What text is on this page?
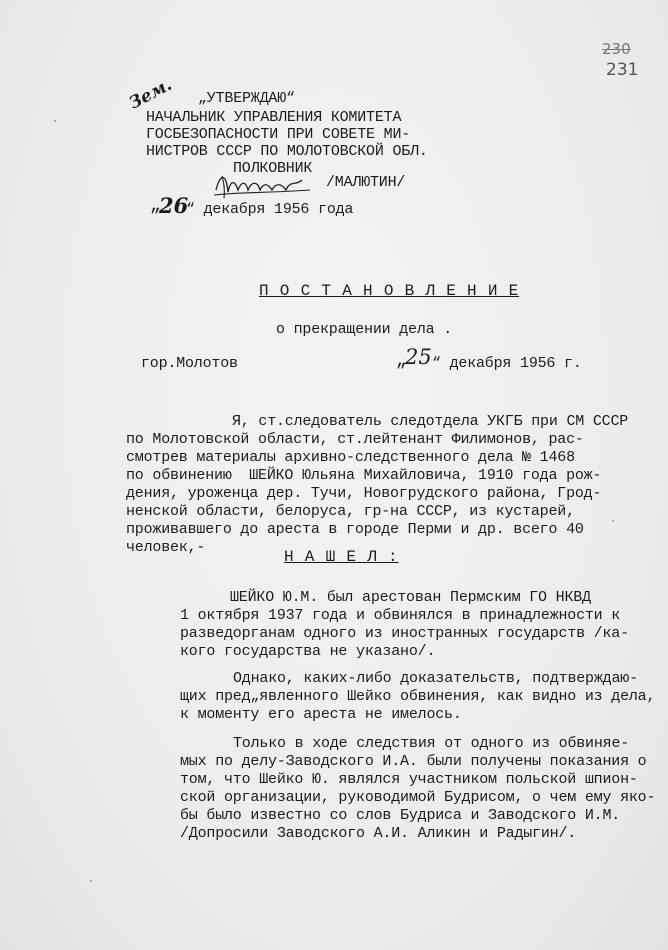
230
231
Зем. „УТВЕРЖДАЮ“
НАЧАЛЬНИК УПРАВЛЕНИЯ КОМИТЕТА
ГОСБЕЗОПАСНОСТИ ПРИ СОВЕТЕ МИ-
НИСТРОВ СССР ПО МОЛОТОВСКОЙ ОБЛ.
ПОЛКОВНИК
/МАЛЮТИН/
„
26
“ декабря 1956 года
П О С Т А Н О В Л Е Н И Е
о прекращении дела .
гор.Молотов	„
25 “ декабря 1956 г.
Я, ст.следователь следотдела УКГБ при СМ СССР
по Молотовской области, ст.лейтенант Филимонов, рас-
смотрев материалы архивно-следственного дела № 1468
по обвинению  ШЕЙКО Юльяна Михайловича, 1910 года рож-
дения, уроженца дер. Тучи, Новогрудского района, Грод-
ненской области, белоруса, гр-на СССР, из кустарей,
проживавшего до ареста в городе Перми и др. всего 40
человек,-
Н А Ш Е Л :
ШЕЙКО Ю.М. был арестован Пермским ГО НКВД
1 октября 1937 года и обвинялся в принадлежности к
разведорганам одного из иностранных государств /ка-
кого государства не указано/.
Однако, каких-либо доказательств, подтверждаю-
щих пред„явленного Шейко обвинения, как видно из дела,
к моменту его ареста не имелось.
Только в ходе следствия от одного из обвиняе-
мых по делу-Заводского И.А. были получены показания о
том, что Шейко Ю. являлся участником польской шпион-
ской организации, руководимой Будрисом, о чем ему яко-
бы было известно со слов Будриса и Заводского И.М.
/Допросили Заводского А.И. Аликин и Радыгин/.
